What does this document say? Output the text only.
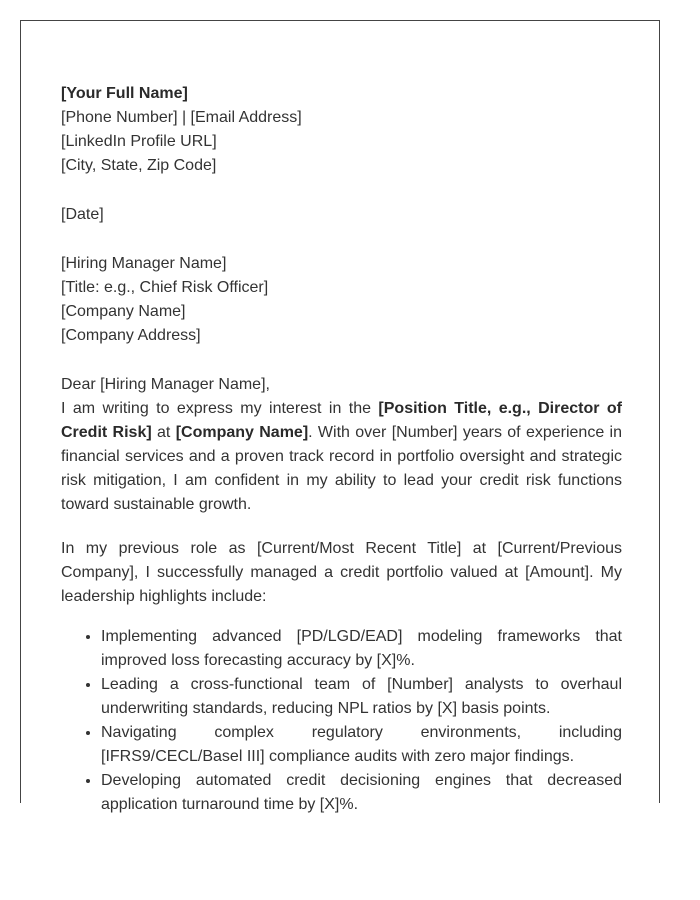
[Your Full Name]
[Phone Number] | [Email Address]
[LinkedIn Profile URL]
[City, State, Zip Code]
[Date]
[Hiring Manager Name]
[Title: e.g., Chief Risk Officer]
[Company Name]
[Company Address]
Dear [Hiring Manager Name],

I am writing to express my interest in the [Position Title, e.g., Director of Credit Risk] at [Company Name]. With over [Number] years of experience in financial services and a proven track record in portfolio oversight and strategic risk mitigation, I am confident in my ability to lead your credit risk functions toward sustainable growth.

In my previous role as [Current/Most Recent Title] at [Current/Previous Company], I successfully managed a credit portfolio valued at [Amount]. My leadership highlights include:

• Implementing advanced [PD/LGD/EAD] modeling frameworks that improved loss forecasting accuracy by [X]%.
• Leading a cross-functional team of [Number] analysts to overhaul underwriting standards, reducing NPL ratios by [X] basis points.
• Navigating complex regulatory environments, including [IFRS9/CECL/Basel III] compliance audits with zero major findings.
• Developing automated credit decisioning engines that decreased application turnaround time by [X]%.
